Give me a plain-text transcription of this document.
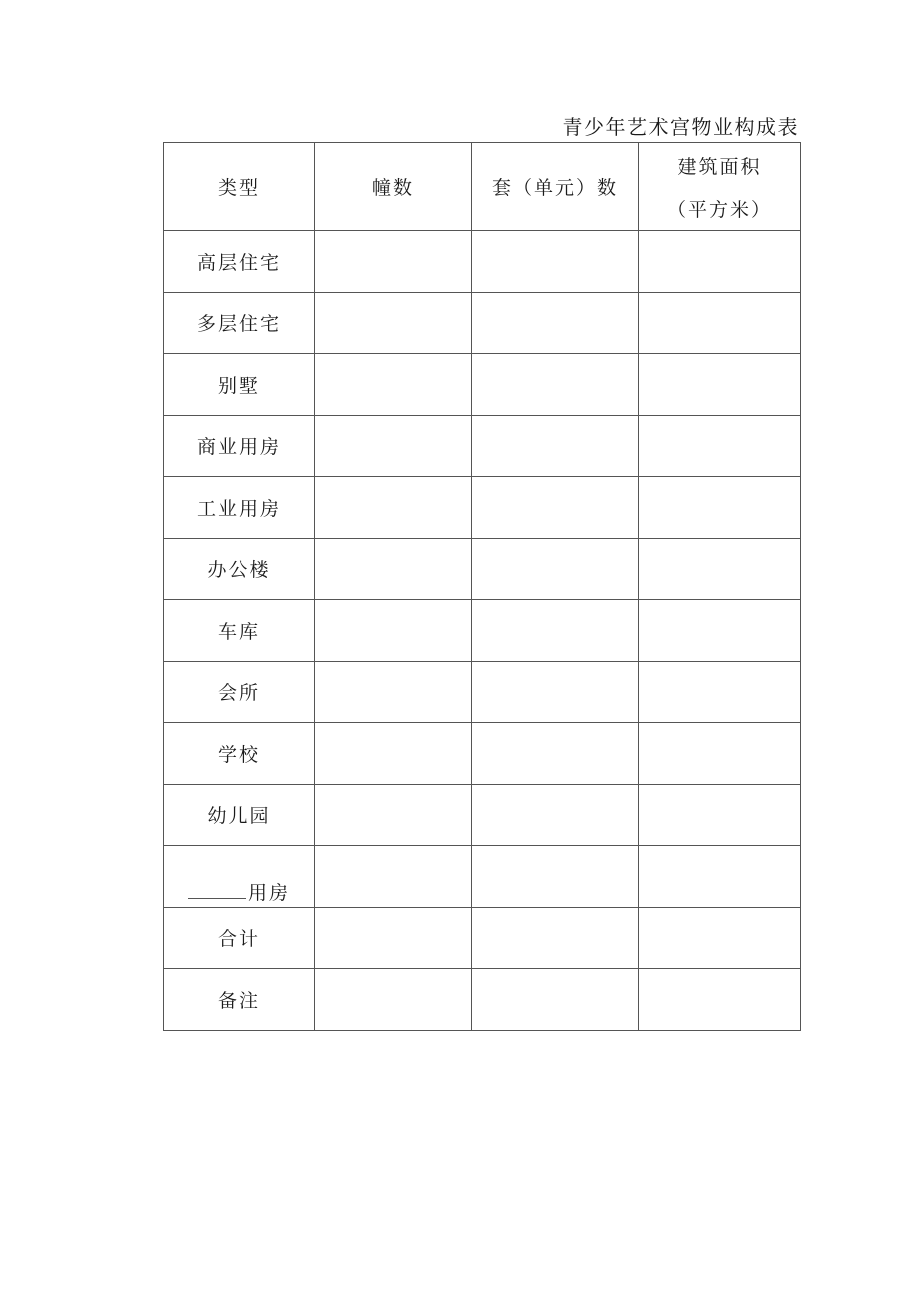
青少年艺术宫物业构成表
类型	幢数	套（单元）数	建筑面积
（平方米）

高层住宅			
多层住宅			
别墅			
商业用房			
工业用房			
办公楼			
车库			
会所			
学校			
幼儿园			
用房			
合计			
备注			
